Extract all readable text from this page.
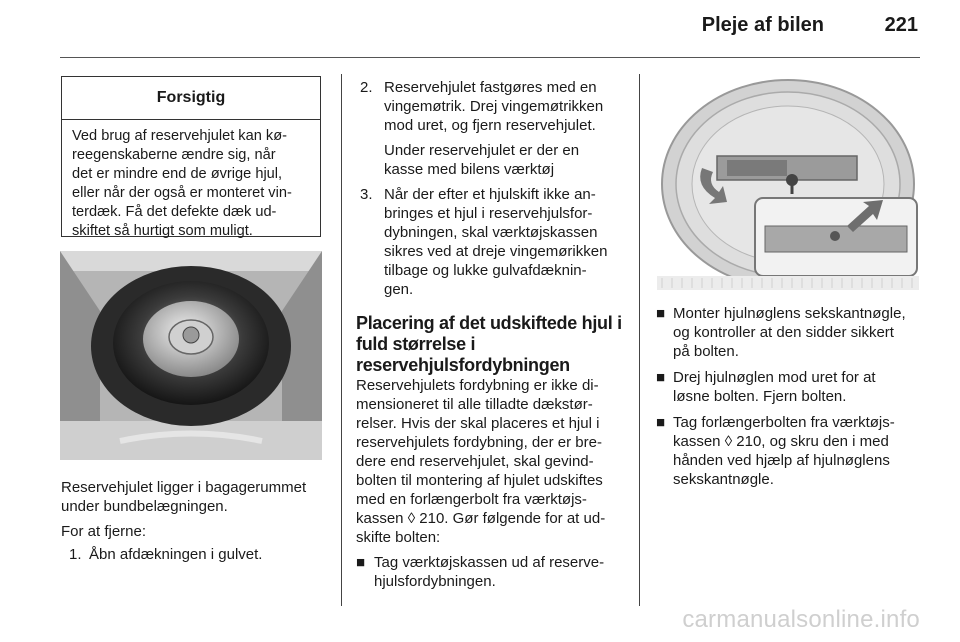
Pleje af bilen	221
Forsigtig
Ved brug af reservehjulet kan kø-
reegenskaberne ændre sig, når
det er mindre end de øvrige hjul,
eller når der også er monteret vin-
terdæk. Få det defekte dæk ud-
skiftet så hurtigt som muligt.

Reservehjulet ligger i bagagerummet
under bundbelægningen.

For at fjerne:

1. Åbn afdækningen i gulvet.
2. Reservehjulet fastgøres med en
vingemøtrik. Drej vingemøtrikken
mod uret, og fjern reservehjulet.
Under reservehjulet er der en
kasse med bilens værktøj
3. Når der efter et hjulskift ikke an-
bringes et hjul i reservehjulsfor-
dybningen, skal værktøjskassen
sikres ved at dreje vingemørikken
tilbage og lukke gulvafdæknin-
gen.
Placering af det udskiftede hjul i
fuld størrelse i
reservehjulsfordybningen
Reservehjulets fordybning er ikke di-
mensioneret til alle tilladte dækstør-
relser. Hvis der skal placeres et hjul i
reservehjulets fordybning, der er bre-
dere end reservehjulet, skal gevind-
bolten til montering af hjulet udskiftes
med en forlængerbolt fra værktøjs-
kassen ◊ 210. Gør følgende for at ud-
skifte bolten:
■ Tag værktøjskassen ud af reserve-
hjulsfordybningen.
■ Monter hjulnøglens sekskantnøgle,
og kontroller at den sidder sikkert
på bolten.
■ Drej hjulnøglen mod uret for at
løsne bolten. Fjern bolten.
■ Tag forlængerbolten fra værktøjs-
kassen ◊ 210, og skru den i med
hånden ved hjælp af hjulnøglens
sekskantnøgle.
carmanualsonline.info
